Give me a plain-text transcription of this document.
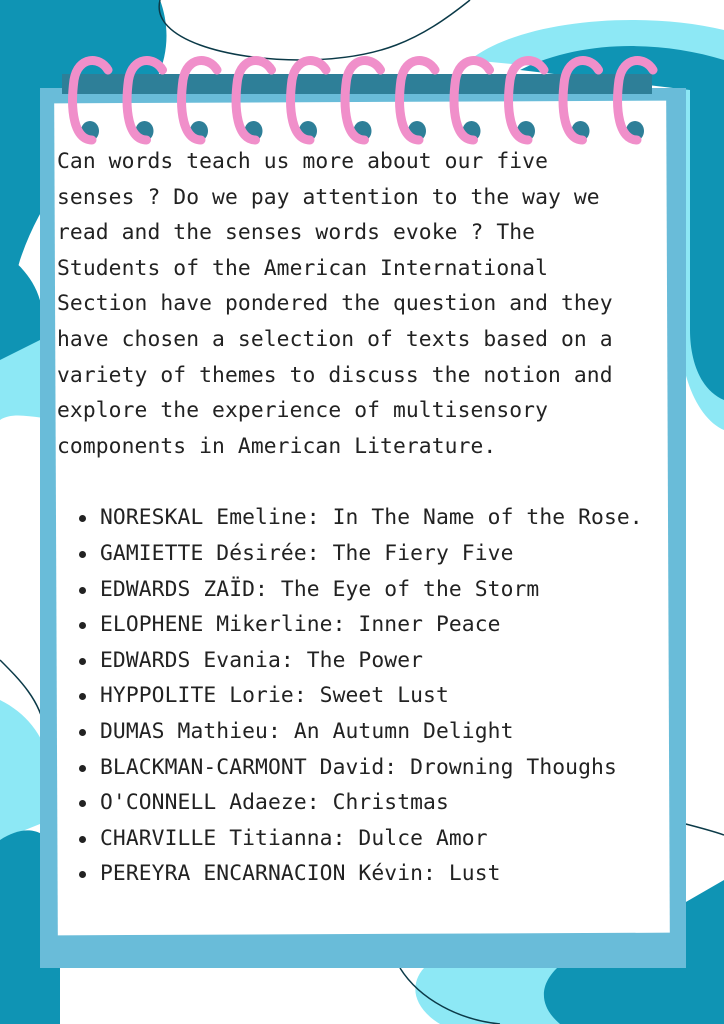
Can words teach us more about our five
senses ? Do we pay attention to the way we
read and the senses words evoke ? The
Students of the American International
Section have pondered the question and they
have chosen a selection of texts based on a
variety of themes to discuss the notion and
explore the experience of multisensory
components in American Literature.

NORESKAL Emeline: In The Name of the Rose.
GAMIETTE Désirée: The Fiery Five
EDWARDS ZAÏD: The Eye of the Storm
ELOPHENE Mikerline: Inner Peace
EDWARDS Evania: The Power
HYPPOLITE Lorie: Sweet Lust
DUMAS Mathieu: An Autumn Delight
BLACKMAN-CARMONT David: Drowning Thoughs
O'CONNELL Adaeze: Christmas
CHARVILLE Titianna: Dulce Amor
PEREYRA ENCARNACION Kévin: Lust
